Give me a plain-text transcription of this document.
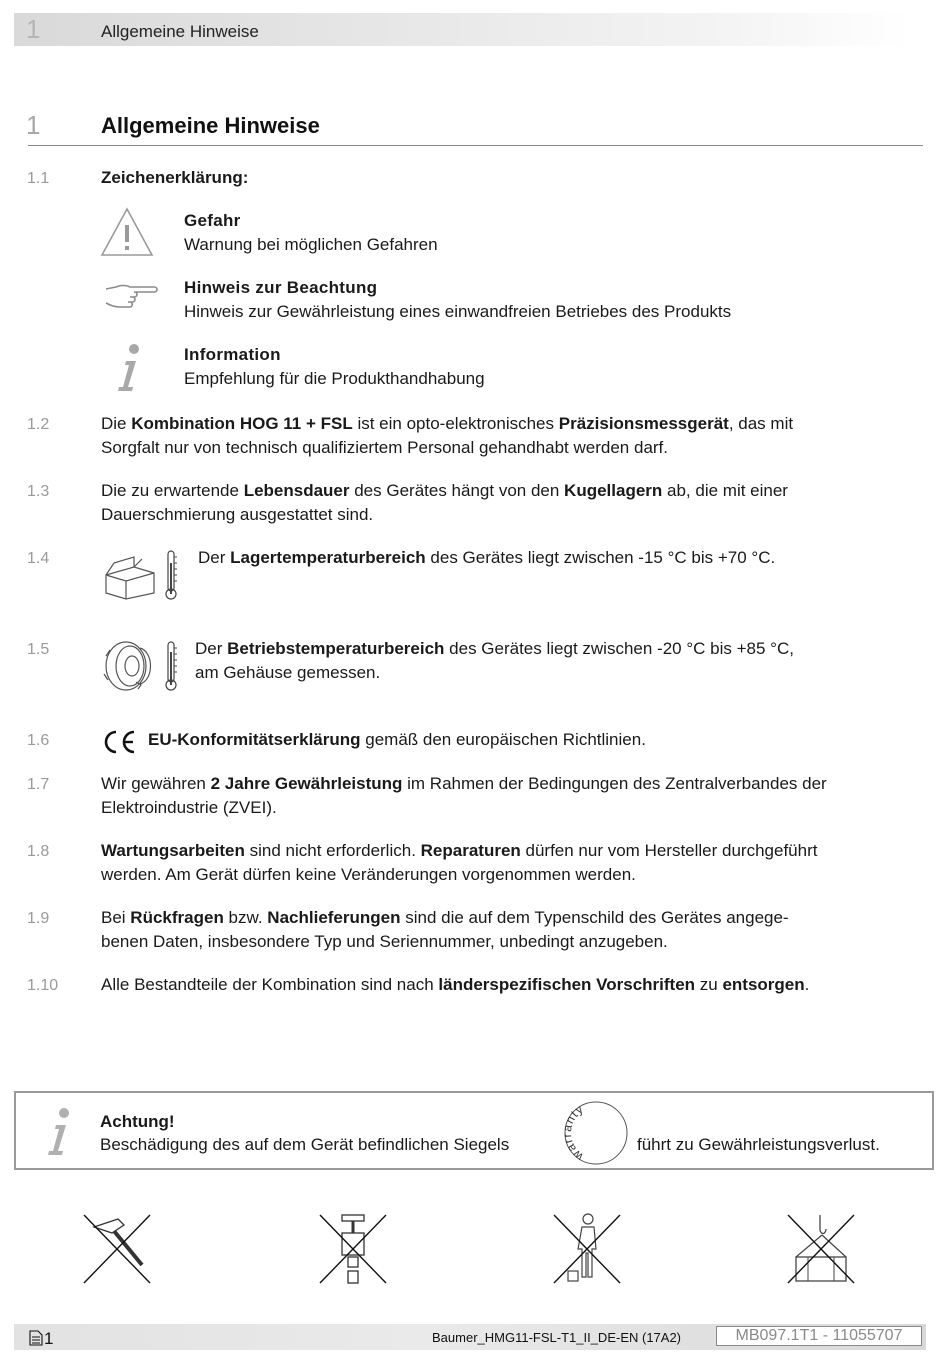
1	Allgemeine Hinweise
1	Allgemeine Hinweise
1.1	Zeichenerklärung:
Gefahr
Warnung bei möglichen Gefahren
Hinweis zur Beachtung
Hinweis zur Gewährleistung eines einwandfreien Betriebes des Produkts
Information
Empfehlung für die Produkthandhabung
1.2	Die Kombination HOG 11 + FSL ist ein opto-elektronisches Präzisionsmessgerät, das mit
Sorgfalt nur von technisch qualifiziertem Personal gehandhabt werden darf.
1.3	Die zu erwartende Lebensdauer des Gerätes hängt von den Kugellagern ab, die mit einer
Dauerschmierung ausgestattet sind.
1.4	Der Lagertemperaturbereich des Gerätes liegt zwischen -15 °C bis +70 °C.
1.5	Der Betriebstemperaturbereich des Gerätes liegt zwischen -20 °C bis +85 °C,
am Gehäuse gemessen.
1.6	EU-Konformitätserklärung gemäß den europäischen Richtlinien.
1.7	Wir gewähren 2 Jahre Gewährleistung im Rahmen der Bedingungen des Zentralverbandes der
Elektroindustrie (ZVEI).
1.8	Wartungsarbeiten sind nicht erforderlich. Reparaturen dürfen nur vom Hersteller durchgeführt
werden. Am Gerät dürfen keine Veränderungen vorgenommen werden.
1.9	Bei Rückfragen bzw. Nachlieferungen sind die auf dem Typenschild des Gerätes angege-
benen Daten, insbesondere Typ und Seriennummer, unbedingt anzugeben.
1.10	Alle Bestandteile der Kombination sind nach länderspezifischen Vorschriften zu entsorgen.
Achtung!
Beschädigung des auf dem Gerät befindlichen Siegels
warranty
führt zu Gewährleistungsverlust.
1	Baumer_HMG11-FSL-T1_II_DE-EN (17A2)	MB097.1T1 - 11055707
